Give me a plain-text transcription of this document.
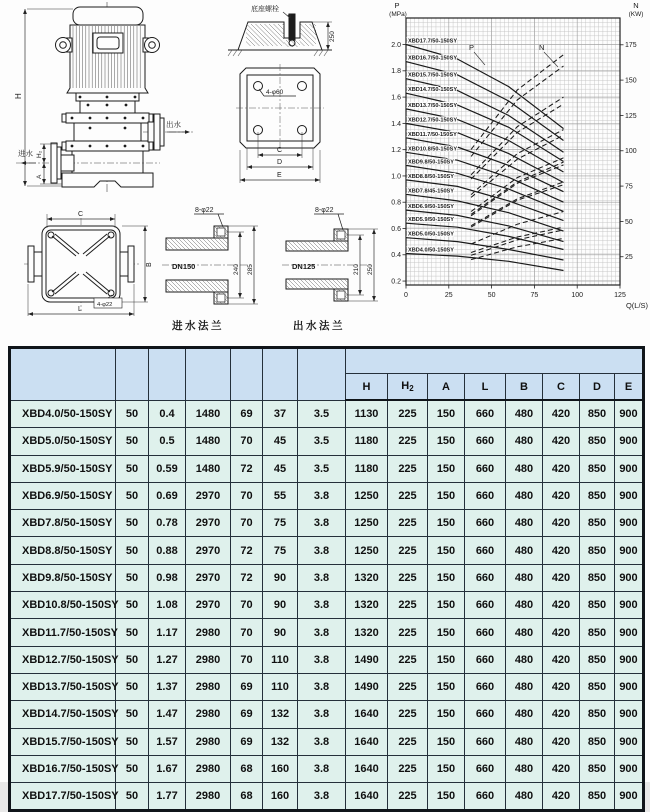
H
H₂
A
进水
出水
底座螺栓
250
4-φ60
C
D
E
C
B
L
4-φ22
8-φ22
240 285
DN150
8-φ22
210 250
DN125
进水法兰	出水法兰
0.2
0.4
0.6
0.8
1.0
1.2
1.4
1.6
1.8
2.0
25
50
75
100
125
150
175
0	25	50	75	100	125
XBD17.7/50-150SY
XBD16.7/50-150SY
XBD15.7/50-150SY
XBD14.7/50-150SY
XBD13.7/50-150SY
XBD12.7/50-150SY
XBD11.7/50-150SY
XBD10.8/50-150SY
XBD9.8/50-150SY
XBD8.8/50-150SY
XBD7.8/45-150SY
XBD6.9/50-150SY
XBD5.9/50-150SY
XBD5.0/50-150SY
XBD4.0/50-150SY
P
(MPa)
N
(KW)
Q(L/S)
P	N

							H	$H_2$	A	L	B	C	D	E
XBD4.0/50-150SY	50	0.4	1480	69	37	3.5	1130	225	150	660	480	420	850	900
XBD5.0/50-150SY	50	0.5	1480	70	45	3.5	1180	225	150	660	480	420	850	900
XBD5.9/50-150SY	50	0.59	1480	72	45	3.5	1180	225	150	660	480	420	850	900
XBD6.9/50-150SY	50	0.69	2970	70	55	3.8	1250	225	150	660	480	420	850	900
XBD7.8/50-150SY	50	0.78	2970	70	75	3.8	1250	225	150	660	480	420	850	900
XBD8.8/50-150SY	50	0.88	2970	72	75	3.8	1250	225	150	660	480	420	850	900
XBD9.8/50-150SY	50	0.98	2970	72	90	3.8	1320	225	150	660	480	420	850	900
XBD10.8/50-150SY	50	1.08	2970	70	90	3.8	1320	225	150	660	480	420	850	900
XBD11.7/50-150SY	50	1.17	2980	70	90	3.8	1320	225	150	660	480	420	850	900
XBD12.7/50-150SY	50	1.27	2980	70	110	3.8	1490	225	150	660	480	420	850	900
XBD13.7/50-150SY	50	1.37	2980	69	110	3.8	1490	225	150	660	480	420	850	900
XBD14.7/50-150SY	50	1.47	2980	69	132	3.8	1640	225	150	660	480	420	850	900
XBD15.7/50-150SY	50	1.57	2980	69	132	3.8	1640	225	150	660	480	420	850	900
XBD16.7/50-150SY	50	1.67	2980	68	160	3.8	1640	225	150	660	480	420	850	900
XBD17.7/50-150SY	50	1.77	2980	68	160	3.8	1640	225	150	660	480	420	850	900
